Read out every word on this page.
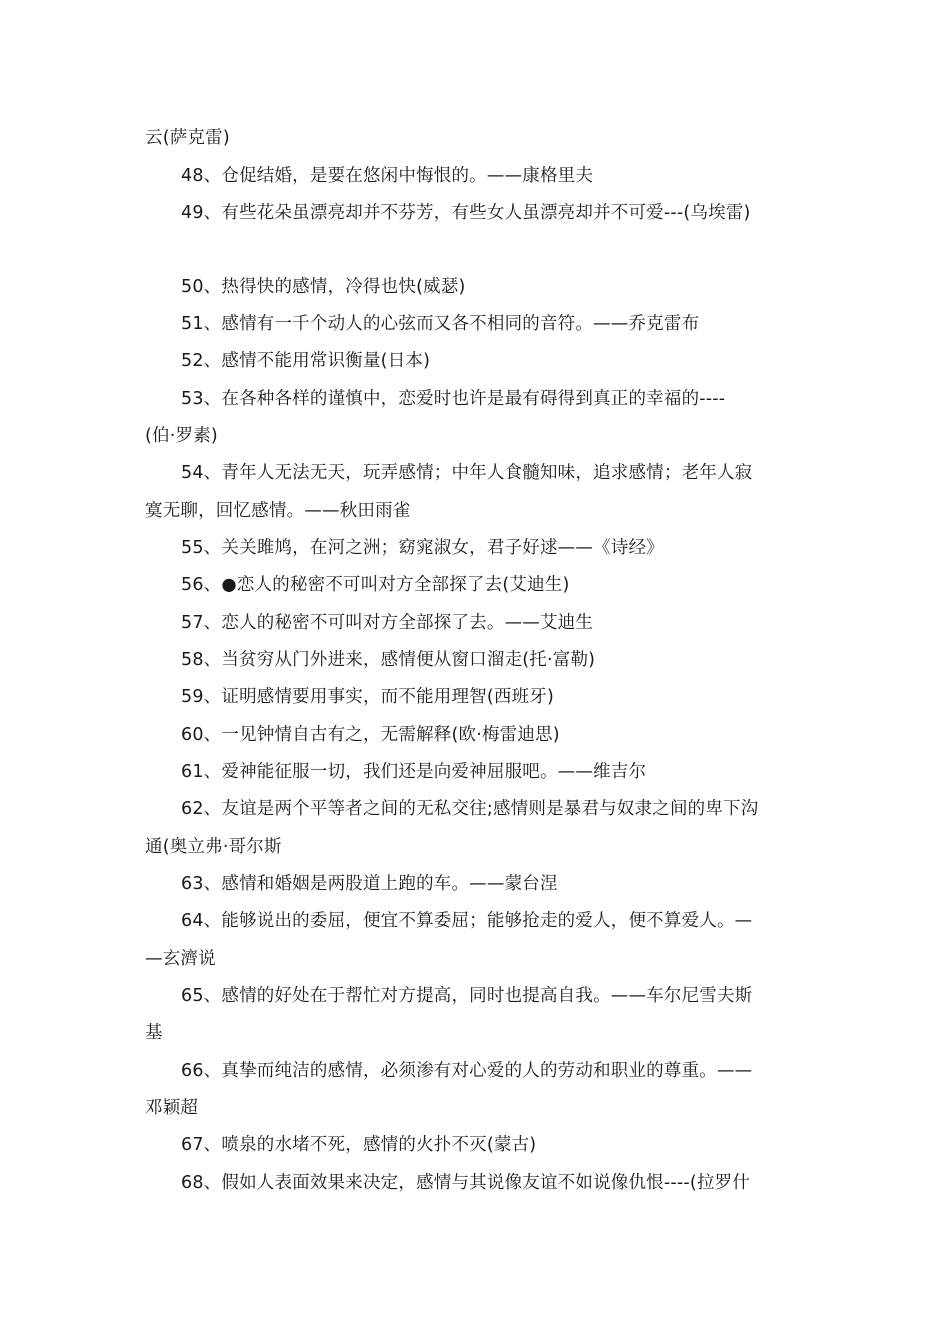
云(萨克雷)
48、仓促结婚，是要在悠闲中悔恨的。——康格里夫
49、有些花朵虽漂亮却并不芬芳，有些女人虽漂亮却并不可爱---(乌埃雷)
50、热得快的感情，冷得也快(威瑟)
51、感情有一千个动人的心弦而又各不相同的音符。——乔克雷布
52、感情不能用常识衡量(日本)
53、在各种各样的谨慎中，恋爱时也许是最有碍得到真正的幸福的----
(伯·罗素)
54、青年人无法无天，玩弄感情；中年人食髓知味，追求感情；老年人寂
寞无聊，回忆感情。——秋田雨雀
55、关关雎鸠，在河之洲；窈窕淑女，君子好逑——《诗经》
56、●恋人的秘密不可叫对方全部探了去(艾迪生)
57、恋人的秘密不可叫对方全部探了去。——艾迪生
58、当贫穷从门外进来，感情便从窗口溜走(托·富勒)
59、证明感情要用事实，而不能用理智(西班牙)
60、一见钟情自古有之，无需解释(欧·梅雷迪思)
61、爱神能征服一切，我们还是向爱神屈服吧。——维吉尔
62、友谊是两个平等者之间的无私交往;感情则是暴君与奴隶之间的卑下沟
通(奥立弗·哥尔斯
63、感情和婚姻是两股道上跑的车。——蒙台涅
64、能够说出的委屈，便宜不算委屈；能够抢走的爱人，便不算爱人。—
—玄濟说
65、感情的好处在于帮忙对方提高，同时也提高自我。——车尔尼雪夫斯
基
66、真挚而纯洁的感情，必须渗有对心爱的人的劳动和职业的尊重。——
邓颖超
67、喷泉的水堵不死，感情的火扑不灭(蒙古)
68、假如人表面效果来决定，感情与其说像友谊不如说像仇恨----(拉罗什
